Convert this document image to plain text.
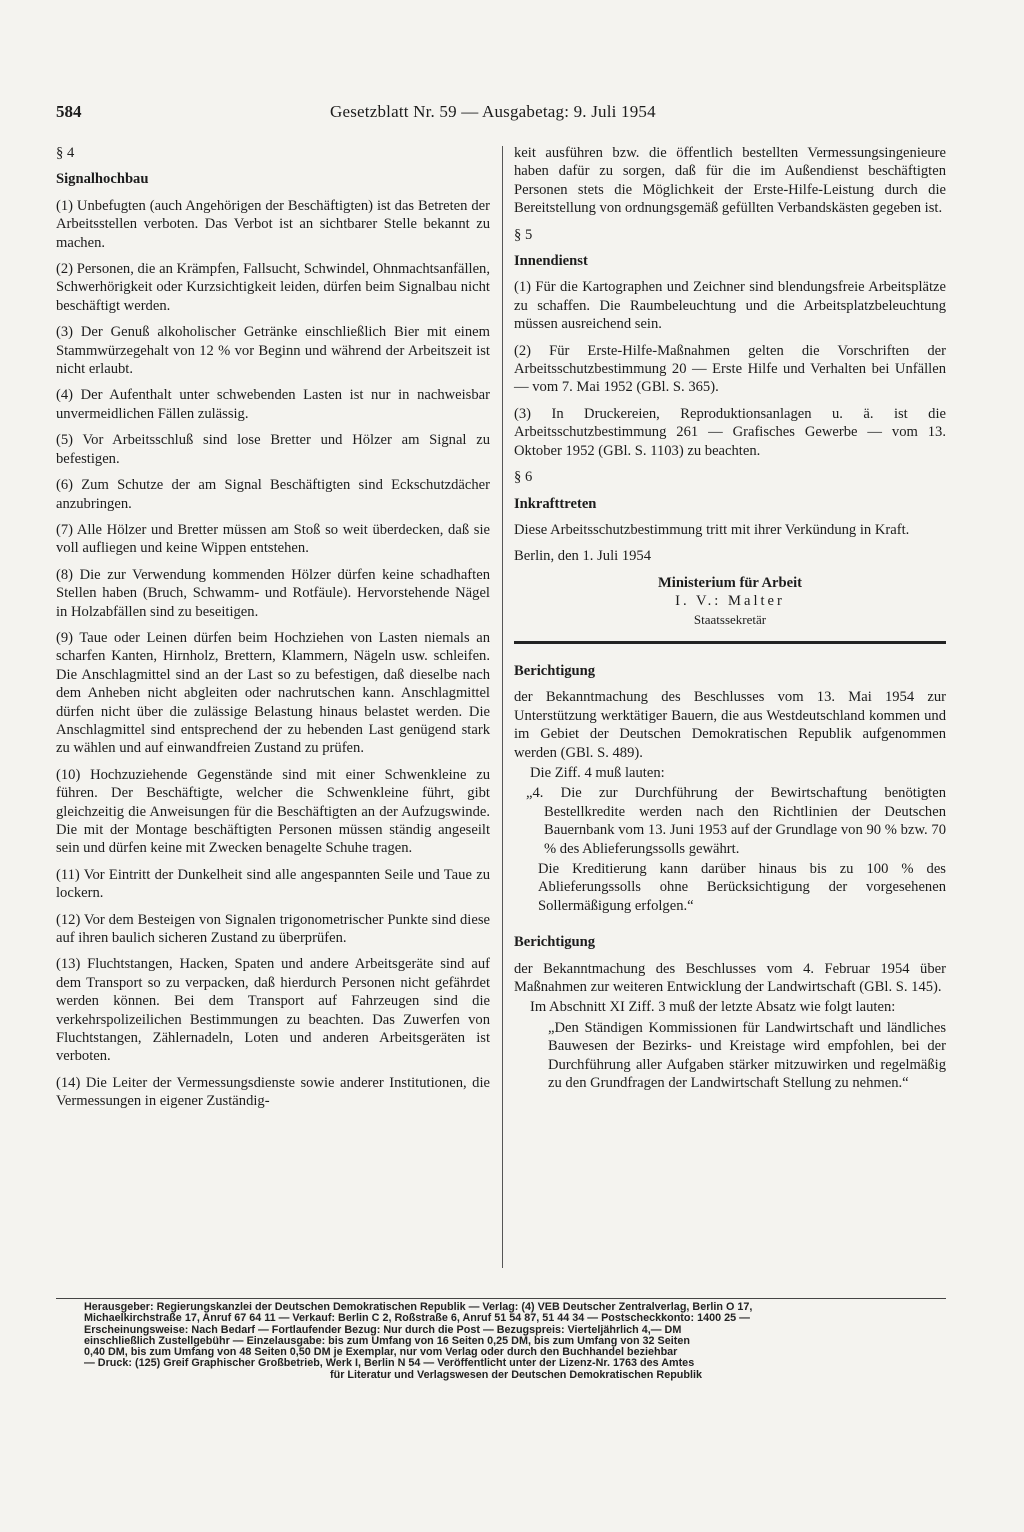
584	Gesetzblatt Nr. 59 — Ausgabetag: 9. Juli 1954

§ 4

Signalhochbau

(1) Unbefugten (auch Angehörigen der Beschäftigten) ist das Betreten der Arbeitsstellen verboten. Das Verbot ist an sichtbarer Stelle bekannt zu machen.

(2) Personen, die an Krämpfen, Fallsucht, Schwindel, Ohnmachtsanfällen, Schwerhörigkeit oder Kurzsichtigkeit leiden, dürfen beim Signalbau nicht beschäftigt werden.

(3) Der Genuß alkoholischer Getränke einschließlich Bier mit einem Stammwürzegehalt von 12 % vor Beginn und während der Arbeitszeit ist nicht erlaubt.

(4) Der Aufenthalt unter schwebenden Lasten ist nur in nachweisbar unvermeidlichen Fällen zulässig.

(5) Vor Arbeitsschluß sind lose Bretter und Hölzer am Signal zu befestigen.

(6) Zum Schutze der am Signal Beschäftigten sind Eckschutzdächer anzubringen.

(7) Alle Hölzer und Bretter müssen am Stoß so weit überdecken, daß sie voll aufliegen und keine Wippen entstehen.

(8) Die zur Verwendung kommenden Hölzer dürfen keine schadhaften Stellen haben (Bruch, Schwamm- und Rotfäule). Hervorstehende Nägel in Holzabfällen sind zu beseitigen.

(9) Taue oder Leinen dürfen beim Hochziehen von Lasten niemals an scharfen Kanten, Hirnholz, Brettern, Klammern, Nägeln usw. schleifen. Die Anschlagmittel sind an der Last so zu befestigen, daß dieselbe nach dem Anheben nicht abgleiten oder nachrutschen kann. Anschlagmittel dürfen nicht über die zulässige Belastung hinaus belastet werden. Die Anschlagmittel sind entsprechend der zu hebenden Last genügend stark zu wählen und auf einwandfreien Zustand zu prüfen.

(10) Hochzuziehende Gegenstände sind mit einer Schwenkleine zu führen. Der Beschäftigte, welcher die Schwenkleine führt, gibt gleichzeitig die Anweisungen für die Beschäftigten an der Aufzugswinde. Die mit der Montage beschäftigten Personen müssen ständig angeseilt sein und dürfen keine mit Zwecken benagelte Schuhe tragen.

(11) Vor Eintritt der Dunkelheit sind alle angespannten Seile und Taue zu lockern.

(12) Vor dem Besteigen von Signalen trigonometrischer Punkte sind diese auf ihren baulich sicheren Zustand zu überprüfen.

(13) Fluchtstangen, Hacken, Spaten und andere Arbeitsgeräte sind auf dem Transport so zu verpacken, daß hierdurch Personen nicht gefährdet werden können. Bei dem Transport auf Fahrzeugen sind die verkehrspolizeilichen Bestimmungen zu beachten. Das Zuwerfen von Fluchtstangen, Zählernadeln, Loten und anderen Arbeitsgeräten ist verboten.

(14) Die Leiter der Vermessungsdienste sowie anderer Institutionen, die Vermessungen in eigener Zuständig-

keit ausführen bzw. die öffentlich bestellten Vermessungsingenieure haben dafür zu sorgen, daß für die im Außendienst beschäftigten Personen stets die Möglichkeit der Erste-Hilfe-Leistung durch die Bereitstellung von ordnungsgemäß gefüllten Verbandskästen gegeben ist.

§ 5

Innendienst

(1) Für die Kartographen und Zeichner sind blendungsfreie Arbeitsplätze zu schaffen. Die Raumbeleuchtung und die Arbeitsplatzbeleuchtung müssen ausreichend sein.

(2) Für Erste-Hilfe-Maßnahmen gelten die Vorschriften der Arbeitsschutzbestimmung 20 — Erste Hilfe und Verhalten bei Unfällen — vom 7. Mai 1952 (GBl. S. 365).

(3) In Druckereien, Reproduktionsanlagen u. ä. ist die Arbeitsschutzbestimmung 261 — Grafisches Gewerbe — vom 13. Oktober 1952 (GBl. S. 1103) zu beachten.

§ 6

Inkrafttreten

Diese Arbeitsschutzbestimmung tritt mit ihrer Verkündung in Kraft.

Berlin, den 1. Juli 1954

Ministerium für Arbeit
I. V.: Malter
Staatssekretär

Berichtigung

der Bekanntmachung des Beschlusses vom 13. Mai 1954 zur Unterstützung werktätiger Bauern, die aus Westdeutschland kommen und im Gebiet der Deutschen Demokratischen Republik aufgenommen werden (GBl. S. 489).

Die Ziff. 4 muß lauten:

„4. Die zur Durchführung der Bewirtschaftung benötigten Bestellkredite werden nach den Richtlinien der Deutschen Bauernbank vom 13. Juni 1953 auf der Grundlage von 90 % bzw. 70 % des Ablieferungssolls gewährt.

Die Kreditierung kann darüber hinaus bis zu 100 % des Ablieferungssolls ohne Berücksichtigung der vorgesehenen Sollermäßigung erfolgen.“

Berichtigung

der Bekanntmachung des Beschlusses vom 4. Februar 1954 über Maßnahmen zur weiteren Entwicklung der Landwirtschaft (GBl. S. 145).

Im Abschnitt XI Ziff. 3 muß der letzte Absatz wie folgt lauten:

„Den Ständigen Kommissionen für Landwirtschaft und ländliches Bauwesen der Bezirks- und Kreistage wird empfohlen, bei der Durchführung aller Aufgaben stärker mitzuwirken und regelmäßig zu den Grundfragen der Landwirtschaft Stellung zu nehmen.“

Herausgeber: Regierungskanzlei der Deutschen Demokratischen Republik — Verlag: (4) VEB Deutscher Zentralverlag, Berlin O 17,
Michaelkirchstraße 17, Anruf 67 64 11 — Verkauf: Berlin C 2, Roßstraße 6, Anruf 51 54 87, 51 44 34 — Postscheckkonto: 1400 25 —
Erscheinungsweise: Nach Bedarf — Fortlaufender Bezug: Nur durch die Post — Bezugspreis: Vierteljährlich 4,— DM
einschließlich Zustellgebühr — Einzelausgabe: bis zum Umfang von 16 Seiten 0,25 DM, bis zum Umfang von 32 Seiten
0,40 DM, bis zum Umfang von 48 Seiten 0,50 DM je Exemplar, nur vom Verlag oder durch den Buchhandel beziehbar
— Druck: (125) Greif Graphischer Großbetrieb, Werk I, Berlin N 54 — Veröffentlicht unter der Lizenz-Nr. 1763 des Amtes
für Literatur und Verlagswesen der Deutschen Demokratischen Republik
